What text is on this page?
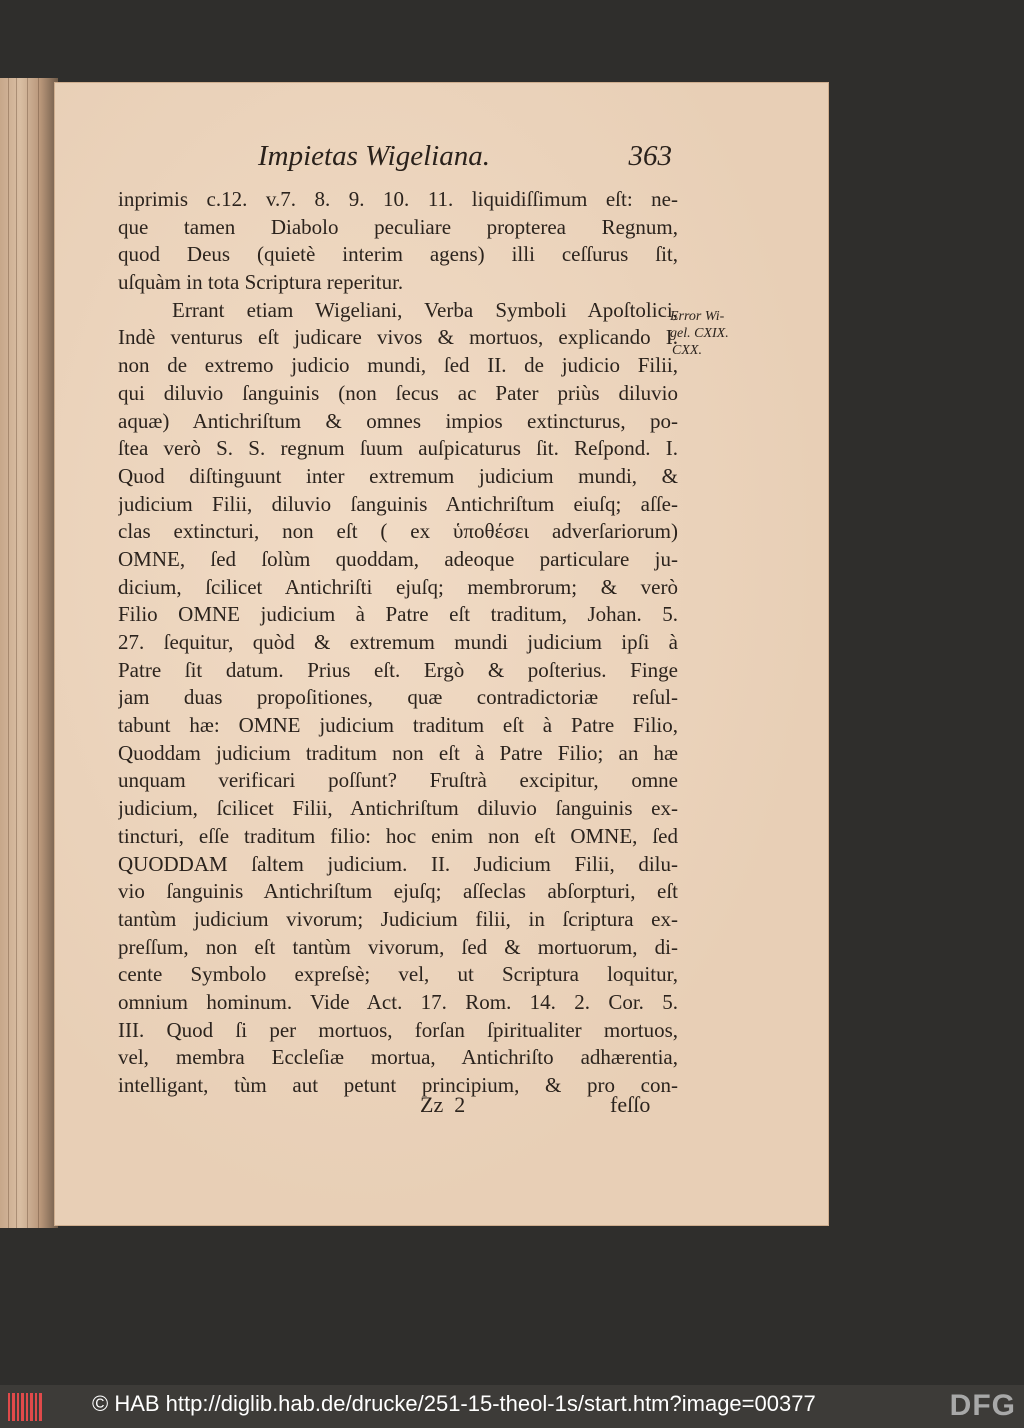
Impietas Wigeliana.	363
inprimis c.12. v.7. 8. 9. 10. 11. liquidiſſimum eſt: ne-
que tamen Diabolo peculiare propterea Regnum,
quod Deus (quietè interim agens) illi ceſſurus ſit,
uſquàm in tota Scriptura reperitur.
Errant etiam Wigeliani, Verba Symboli Apoſtolici,
Indè venturus eſt judicare vivos & mortuos, explicando I.
non de extremo judicio mundi, ſed II. de judicio Filii,
qui diluvio ſanguinis (non ſecus ac Pater priùs diluvio
aquæ) Antichriſtum & omnes impios extincturus, po-
ſtea verò S. S. regnum ſuum auſpicaturus ſit. Reſpond. I.
Quod diſtinguunt inter extremum judicium mundi, &
judicium Filii, diluvio ſanguinis Antichriſtum eiuſq; aſſe-
clas extincturi, non eſt ( ex ὑποθέσει adverſariorum)
OMNE, ſed ſolùm quoddam, adeoque particulare ju-
dicium, ſcilicet Antichriſti ejuſq; membrorum; & verò
Filio OMNE judicium à Patre eſt traditum, Johan. 5.
27. ſequitur, quòd & extremum mundi judicium ipſi à
Patre ſit datum. Prius eſt. Ergò & poſterius. Finge
jam duas propoſitiones, quæ contradictoriæ reſul-
tabunt hæ: OMNE judicium traditum eſt à Patre Filio,
Quoddam judicium traditum non eſt à Patre Filio; an hæ
unquam verificari poſſunt? Fruſtrà excipitur, omne
judicium, ſcilicet Filii, Antichriſtum diluvio ſanguinis ex-
tincturi, eſſe traditum filio: hoc enim non eſt OMNE, ſed
QUODDAM ſaltem judicium. II. Judicium Filii, dilu-
vio ſanguinis Antichriſtum ejuſq; aſſeclas abſorpturi, eſt
tantùm judicium vivorum; Judicium filii, in ſcriptura ex-
preſſum, non eſt tantùm vivorum, ſed & mortuorum, di-
cente Symbolo expreſsè; vel, ut Scriptura loquitur,
omnium hominum. Vide Act. 17. Rom. 14. 2. Cor. 5.
III. Quod ſi per mortuos, forſan ſpiritualiter mortuos,
vel, membra Eccleſiæ mortua, Antichriſto adhærentia,
intelligant, tùm aut petunt principium, & pro con-
Error Wi-
gel. CXIX.
CXX.
Zz  2	feſſo
© HAB http://diglib.hab.de/drucke/251-15-theol-1s/start.htm?image=00377	DFG
